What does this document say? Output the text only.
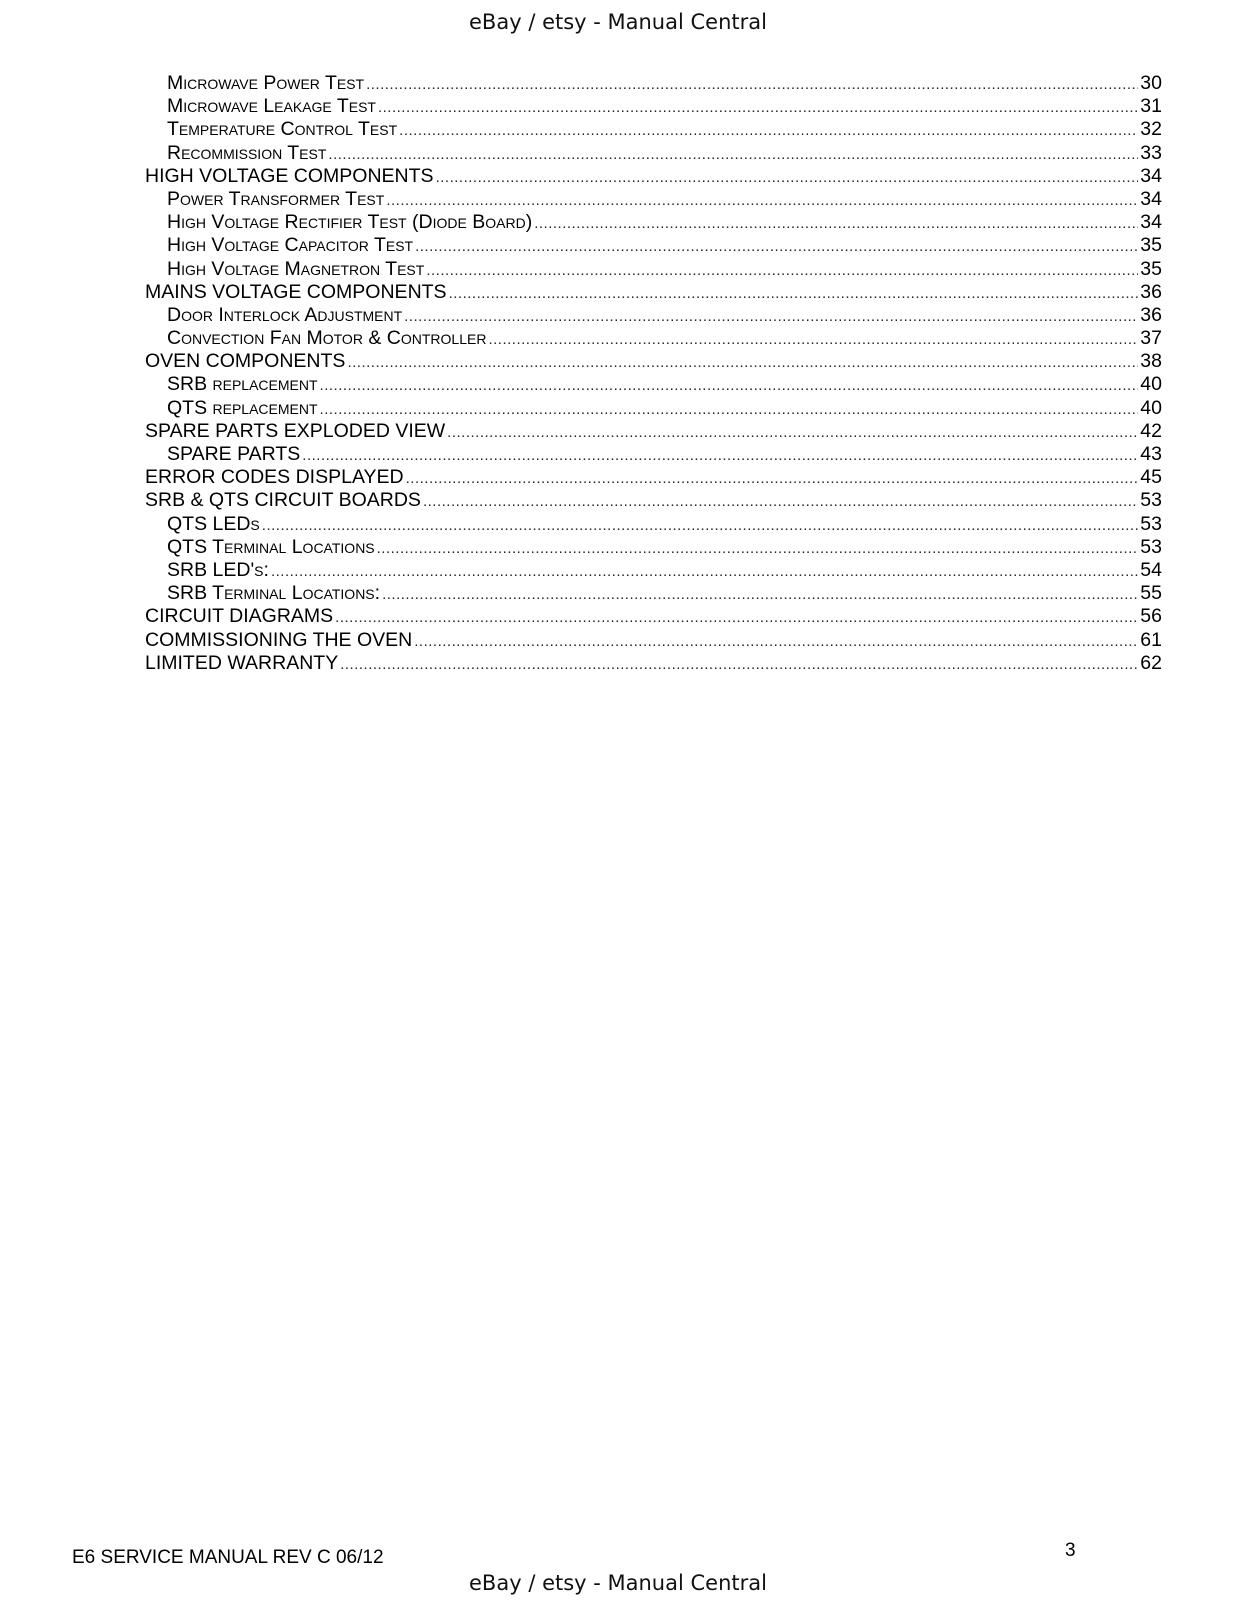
eBay / etsy - Manual Central
Microwave Power Test .....	30
Microwave Leakage Test .....	31
Temperature Control Test .....	32
Recommission Test .....	33
HIGH VOLTAGE COMPONENTS .....	34
Power Transformer Test .....	34
High Voltage Rectifier Test (Diode Board) .....	34
High Voltage Capacitor Test .....	35
High Voltage Magnetron Test .....	35
MAINS VOLTAGE COMPONENTS .....	36
Door Interlock Adjustment .....	36
Convection Fan Motor & Controller .....	37
OVEN COMPONENTS .....	38
SRB replacement .....	40
QTS replacement .....	40
SPARE PARTS EXPLODED VIEW .....	42
SPARE PARTS .....	43
ERROR CODES DISPLAYED .....	45
SRB & QTS CIRCUIT BOARDS .....	53
QTS LEDs .....	53
QTS Terminal Locations .....	53
SRB LED's: .....	54
SRB Terminal Locations: .....	55
CIRCUIT DIAGRAMS .....	56
COMMISSIONING THE OVEN .....	61
LIMITED WARRANTY .....	62
E6 SERVICE MANUAL REV C 06/12	3
eBay / etsy - Manual Central
